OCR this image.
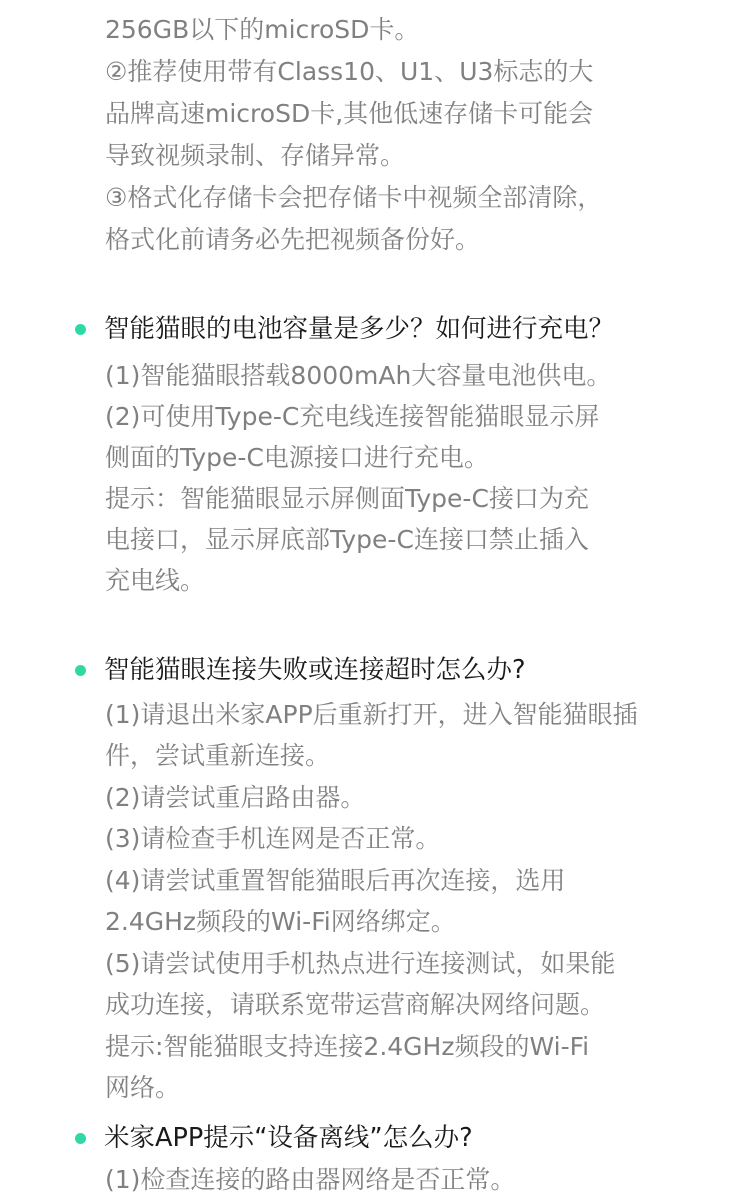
256GB以下的microSD卡。
②推荐使用带有Class10、U1、U3标志的大
品牌高速microSD卡,其他低速存储卡可能会
导致视频录制、存储异常。
③格式化存储卡会把存储卡中视频全部清除，
格式化前请务必先把视频备份好。
智能猫眼的电池容量是多少？如何进行充电？
(1)智能猫眼搭载8000mAh大容量电池供电。
(2)可使用Type-C充电线连接智能猫眼显示屏
侧面的Type-C电源接口进行充电。
提示：智能猫眼显示屏侧面Type-C接口为充
电接口，显示屏底部Type-C连接口禁止插入
充电线。
智能猫眼连接失败或连接超时怎么办?
(1)请退出米家APP后重新打开，进入智能猫眼插
件，尝试重新连接。
(2)请尝试重启路由器。
(3)请检查手机连网是否正常。
(4)请尝试重置智能猫眼后再次连接，选用
2.4GHz频段的Wi-Fi网络绑定。
(5)请尝试使用手机热点进行连接测试，如果能
成功连接，请联系宽带运营商解决网络问题。
提示:智能猫眼支持连接2.4GHz频段的Wi-Fi
网络。
米家APP提示“设备离线”怎么办?
(1)检查连接的路由器网络是否正常。
